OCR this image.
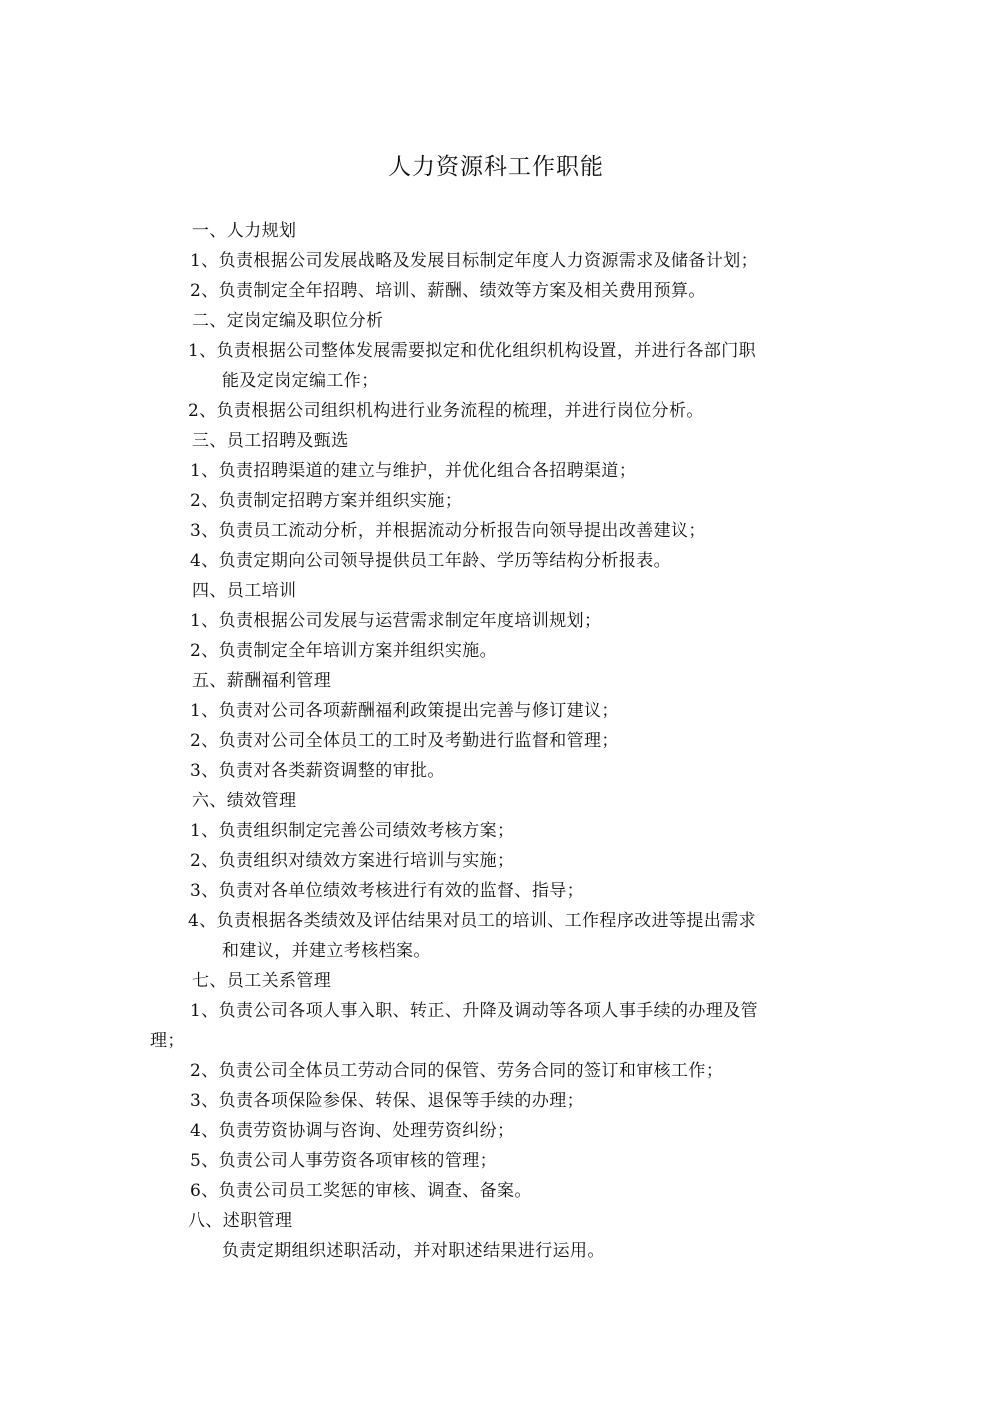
人力资源科工作职能
一、人力规划
1、负责根据公司发展战略及发展目标制定年度人力资源需求及储备计划；
2、负责制定全年招聘、培训、薪酬、绩效等方案及相关费用预算。
二、定岗定编及职位分析
1、负责根据公司整体发展需要拟定和优化组织机构设置，并进行各部门职
能及定岗定编工作；
2、负责根据公司组织机构进行业务流程的梳理，并进行岗位分析。
三、员工招聘及甄选
1、负责招聘渠道的建立与维护，并优化组合各招聘渠道；
2、负责制定招聘方案并组织实施；
3、负责员工流动分析，并根据流动分析报告向领导提出改善建议；
4、负责定期向公司领导提供员工年龄、学历等结构分析报表。
四、员工培训
1、负责根据公司发展与运营需求制定年度培训规划；
2、负责制定全年培训方案并组织实施。
五、薪酬福利管理
1、负责对公司各项薪酬福利政策提出完善与修订建议；
2、负责对公司全体员工的工时及考勤进行监督和管理；
3、负责对各类薪资调整的审批。
六、绩效管理
1、负责组织制定完善公司绩效考核方案；
2、负责组织对绩效方案进行培训与实施；
3、负责对各单位绩效考核进行有效的监督、指导；
4、负责根据各类绩效及评估结果对员工的培训、工作程序改进等提出需求
和建议，并建立考核档案。
七、员工关系管理
1、负责公司各项人事入职、转正、升降及调动等各项人事手续的办理及管
理；
2、负责公司全体员工劳动合同的保管、劳务合同的签订和审核工作；
3、负责各项保险参保、转保、退保等手续的办理；
4、负责劳资协调与咨询、处理劳资纠纷；
5、负责公司人事劳资各项审核的管理；
6、负责公司员工奖惩的审核、调查、备案。
八、述职管理
负责定期组织述职活动，并对职述结果进行运用。
